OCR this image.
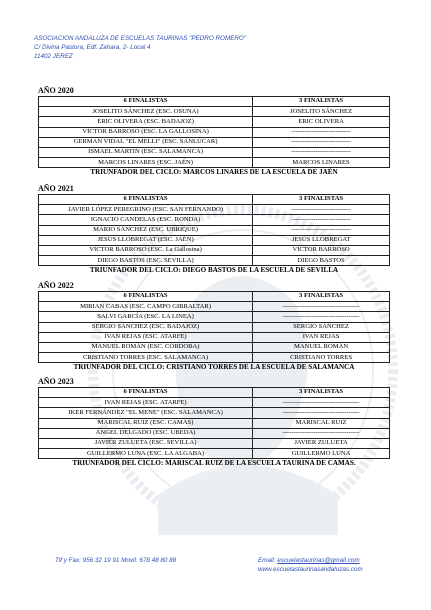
ASOCIACION ANDALUZA DE ESCUELAS TAURINAS "PEDRO ROMERO"
C/ Divina Pastora, Edf. Zahara, 2- Local 4
11402 JEREZ
AÑO 2020
6 FINALISTAS	3 FINALISTAS
JOSELITO SÁNCHEZ (ESC. OSUNA)	JOSELITO SÁNCHEZ
ERIC OLIVERA (ESC. BADAJOZ)	ERIC OLIVERA
VÍCTOR BARROSO (ESC. LA GALLOSINA)	---------------------------
GERMAN VIDAL "EL MELLI" (ESC. SANLÚCAR)	---------------------------
ISMAEL MARTÍN (ESC. SALAMANCA)	---------------------------
MARCOS LINARES (ESC. JAÉN)	MARCOS LINARES
TRIUNFADOR DEL CICLO: MARCOS LINARES DE LA ESCUELA DE JAÉN
AÑO 2021
6 FINALISTAS	3 FINALISTAS
JAVIER LÓPEZ PEREGRINO (ESC. SAN FERNANDO)	---------------------------
IGNACIO CANDELAS (ESC. RONDA)	---------------------------
MARIO SÁNCHEZ (ESC. UBRIQUE)	---------------------------
JESÚS LLOBREGAT (ESC. JAÉN)	JESÚS LLOBREGAT
VÍCTOR BARROSO (ESC. La Gallosina)	VÍCTOR BARROSO
DIEGO BASTOS (ESC. SEVILLA)	DIEGO BASTOS
TRIUNFADOR DEL CICLO: DIEGO BASTOS DE LA ESCUELA DE SEVILLA
AÑO 2022
6 FINALISTAS	3 FINALISTAS
MIRIAN CABAS (ESC. CAMPO GIBRALTAR)	-----------------------------------
SALVI GARCÍA (ESC. LA LINEA)	-----------------------------------
SERGIO SÁNCHEZ (ESC. BADAJOZ)	SERGIO SÁNCHEZ
IVAN REJAS (ESC. ATARFE)	IVAN REJAS
MANUEL ROMÁN (ESC. CÓRDOBA)	MANUEL ROMÁN
CRISTIANO TORRES (ESC. SALAMANCA)	CRISTIANO TORRES
TRIUNFADOR DEL CICLO: CRISTIANO TORRES DE LA ESCUELA DE SALAMANCA
AÑO 2023
6 FINALISTAS	3 FINALISTAS
IVAN REJAS (ESC. ATARFE)	-----------------------------------
IKER FERNÁNDEZ "EL MENE" (ESC. SALAMANCA)	-----------------------------------
MARISCAL RUIZ (ESC. CAMAS)	MARISCAL RUIZ
ÁNGEL DELGADO (ESC. UBEDA)	-----------------------------------
JAVIER ZULUETA (ESC. SEVILLA)	JAVIER ZULUETA
GUILLERMO LUNA (ESC. LA ALGABA)	GUILLERMO LUNA
TRIUNFADOR DEL CICLO: MARISCAL RUIZ DE LA ESCUELA TAURINA DE CAMAS.
Tlf y Fax: 956 32 19 91 Movil: 678 48 80 88	Email: escuelastaurinas@gmail.com
www.escuelastaurinasandaluzas.com
